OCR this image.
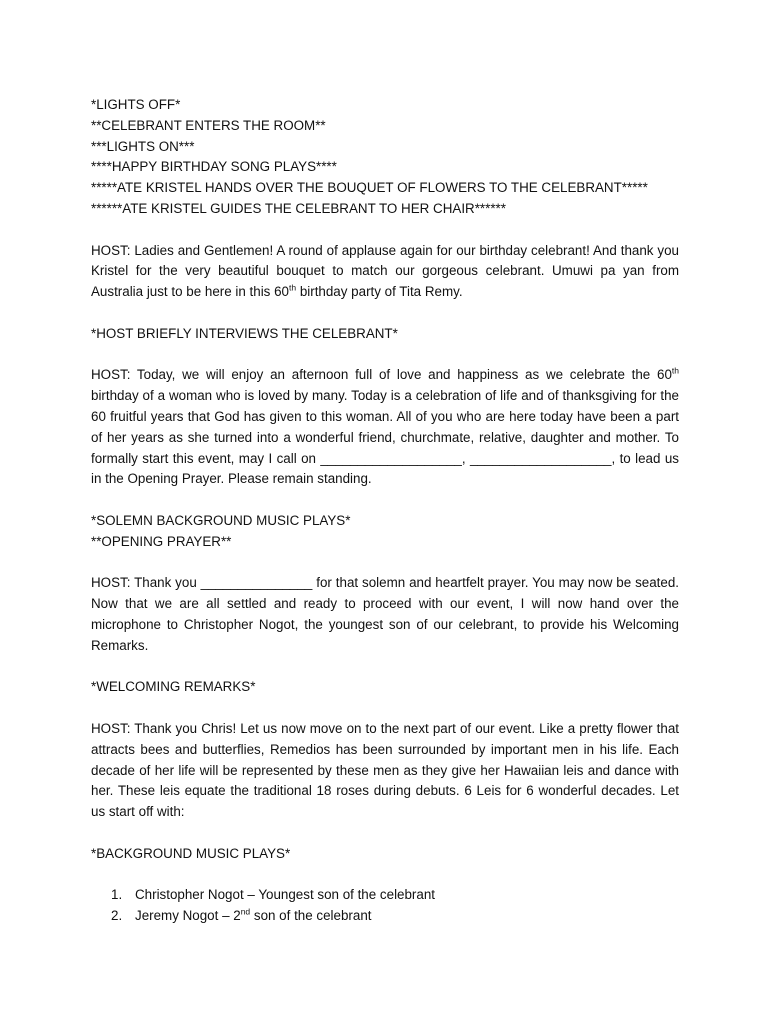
*LIGHTS OFF*

**CELEBRANT ENTERS THE ROOM**

***LIGHTS ON***

****HAPPY BIRTHDAY SONG PLAYS****

*****ATE KRISTEL HANDS OVER THE BOUQUET OF FLOWERS TO THE CELEBRANT*****

******ATE KRISTEL GUIDES THE CELEBRANT TO HER CHAIR******

HOST: Ladies and Gentlemen! A round of applause again for our birthday celebrant! And thank you Kristel for the very beautiful bouquet to match our gorgeous celebrant. Umuwi pa yan from Australia just to be here in this 60th birthday party of Tita Remy.

*HOST BRIEFLY INTERVIEWS THE CELEBRANT*

HOST: Today, we will enjoy an afternoon full of love and happiness as we celebrate the 60th birthday of a woman who is loved by many. Today is a celebration of life and of thanksgiving for the 60 fruitful years that God has given to this woman. All of you who are here today have been a part of her years as she turned into a wonderful friend, churchmate, relative, daughter and mother. To formally start this event, may I call on ___________________, ___________________, to lead us in the Opening Prayer. Please remain standing.

*SOLEMN BACKGROUND MUSIC PLAYS*

**OPENING PRAYER**

HOST: Thank you _______________ for that solemn and heartfelt prayer. You may now be seated. Now that we are all settled and ready to proceed with our event, I will now hand over the microphone to Christopher Nogot, the youngest son of our celebrant, to provide his Welcoming Remarks.

*WELCOMING REMARKS*

HOST: Thank you Chris! Let us now move on to the next part of our event. Like a pretty flower that attracts bees and butterflies, Remedios has been surrounded by important men in his life. Each decade of her life will be represented by these men as they give her Hawaiian leis and dance with her. These leis equate the traditional 18 roses during debuts. 6 Leis for 6 wonderful decades. Let us start off with:

*BACKGROUND MUSIC PLAYS*

1. Christopher Nogot – Youngest son of the celebrant
2. Jeremy Nogot – 2nd son of the celebrant
